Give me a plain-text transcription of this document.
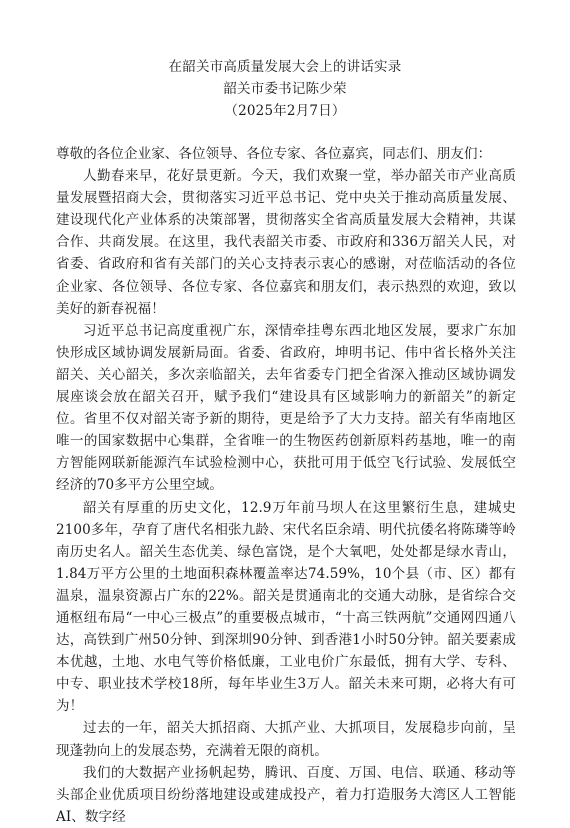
在韶关市高质量发展大会上的讲话实录
韶关市委书记陈少荣
（2025年2月7日）

尊敬的各位企业家、各位领导、各位专家、各位嘉宾，同志们、朋友们：

人勤春来早，花好景更新。今天，我们欢聚一堂，举办韶关市产业高质量发展暨招商大会，贯彻落实习近平总书记、党中央关于推动高质量发展、建设现代化产业体系的决策部署，贯彻落实全省高质量发展大会精神，共谋合作、共商发展。在这里，我代表韶关市委、市政府和336万韶关人民，对省委、省政府和省有关部门的关心支持表示衷心的感谢，对莅临活动的各位企业家、各位领导、各位专家、各位嘉宾和朋友们，表示热烈的欢迎，致以美好的新春祝福！

习近平总书记高度重视广东，深情牵挂粤东西北地区发展，要求广东加快形成区域协调发展新局面。省委、省政府，坤明书记、伟中省长格外关注韶关、关心韶关，多次亲临韶关，去年省委专门把全省深入推动区域协调发展座谈会放在韶关召开，赋予我们“建设具有区域影响力的新韶关”的新定位。省里不仅对韶关寄予新的期待，更是给予了大力支持。韶关有华南地区唯一的国家数据中心集群，全省唯一的生物医药创新原料药基地，唯一的南方智能网联新能源汽车试验检测中心，获批可用于低空飞行试验、发展低空经济的70多平方公里空域。

韶关有厚重的历史文化，12.9万年前马坝人在这里繁衍生息，建城史2100多年，孕育了唐代名相张九龄、宋代名臣余靖、明代抗倭名将陈璘等岭南历史名人。韶关生态优美、绿色富饶，是个大氧吧，处处都是绿水青山，1.84万平方公里的土地面积森林覆盖率达74.59%，10个县（市、区）都有温泉，温泉资源占广东的22%。韶关是贯通南北的交通大动脉，是省综合交通枢纽布局“一中心三极点”的重要极点城市，“十高三铁两航”交通网四通八达，高铁到广州50分钟、到深圳90分钟、到香港1小时50分钟。韶关要素成本优越，土地、水电气等价格低廉，工业电价广东最低，拥有大学、专科、中专、职业技术学校18所，每年毕业生3万人。韶关未来可期，必将大有可为！

过去的一年，韶关大抓招商、大抓产业、大抓项目，发展稳步向前，呈现蓬勃向上的发展态势，充满着无限的商机。

我们的大数据产业扬帆起势，腾讯、百度、万国、电信、联通、移动等头部企业优质项目纷纷落地建设或建成投产，着力打造服务大湾区人工智能AI、数字经
